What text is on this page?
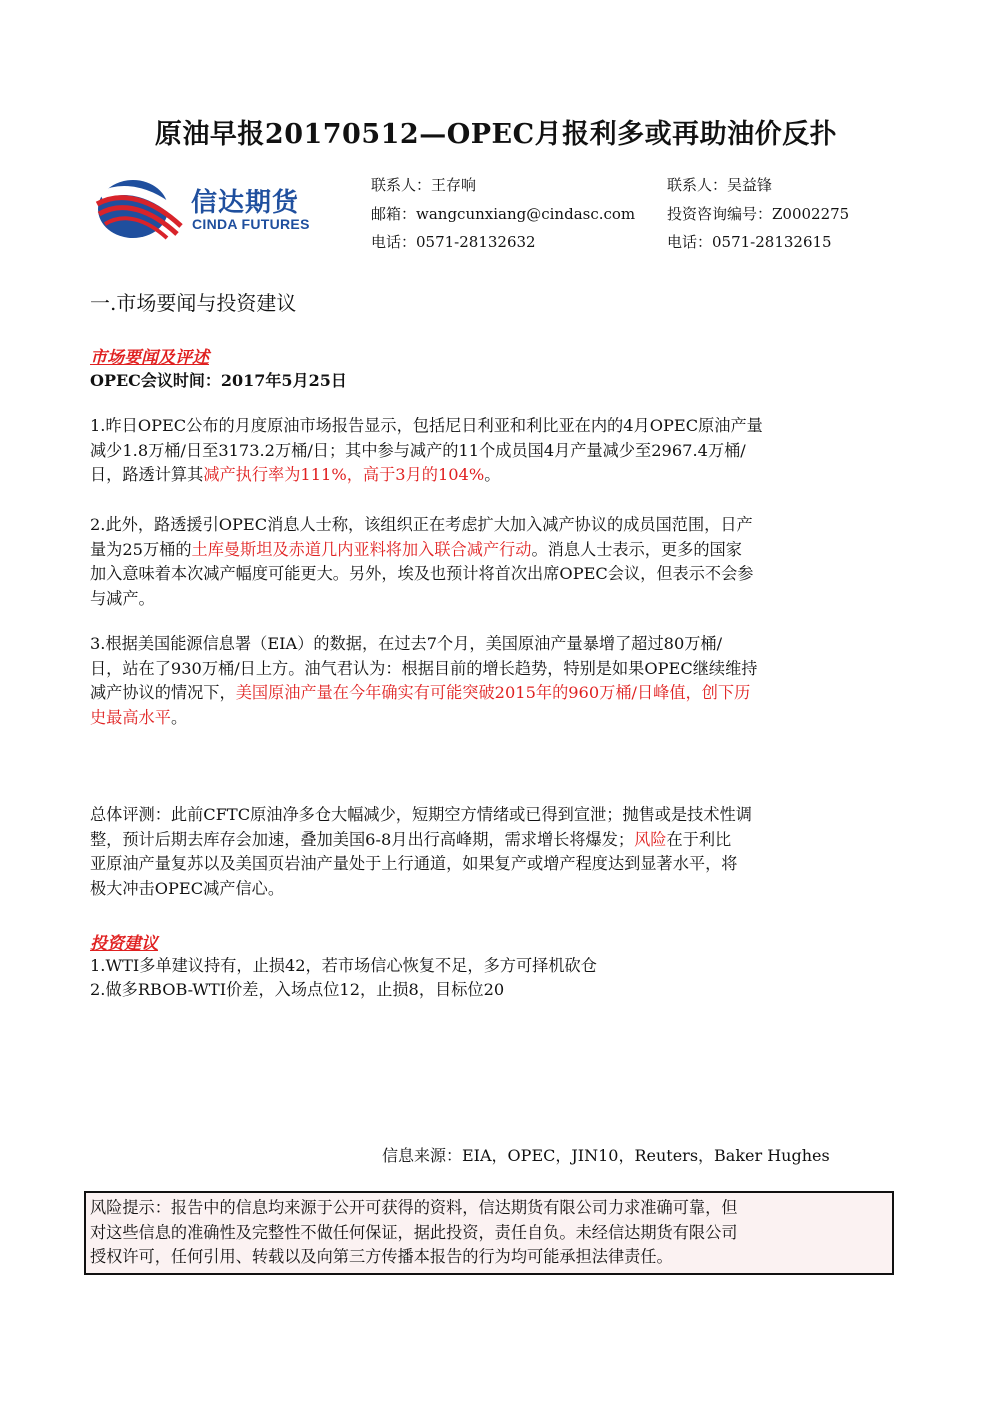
原油早报20170512—OPEC月报利多或再助油价反扑
信达期货
CINDA FUTURES
联系人：王存响
邮箱：wangcunxiang@cindasc.com
电话：0571-28132632
联系人：吴益锋
投资咨询编号：Z0002275
电话：0571-28132615
一.市场要闻与投资建议
市场要闻及评述
OPEC会议时间：2017年5月25日
1.昨日OPEC公布的月度原油市场报告显示，包括尼日利亚和利比亚在内的4月OPEC原油产量
减少1.8万桶/日至3173.2万桶/日；其中参与减产的11个成员国4月产量减少至2967.4万桶/
日，路透计算其减产执行率为111%，高于3月的104%。
2.此外，路透援引OPEC消息人士称，该组织正在考虑扩大加入减产协议的成员国范围，日产
量为25万桶的土库曼斯坦及赤道几内亚料将加入联合减产行动。消息人士表示，更多的国家
加入意味着本次减产幅度可能更大。另外，埃及也预计将首次出席OPEC会议，但表示不会参
与减产。
3.根据美国能源信息署（EIA）的数据，在过去7个月，美国原油产量暴增了超过80万桶/
日，站在了930万桶/日上方。油气君认为：根据目前的增长趋势，特别是如果OPEC继续维持
减产协议的情况下，美国原油产量在今年确实有可能突破2015年的960万桶/日峰值，创下历
史最高水平。
总体评测：此前CFTC原油净多仓大幅减少，短期空方情绪或已得到宣泄；抛售或是技术性调
整，预计后期去库存会加速，叠加美国6-8月出行高峰期，需求增长将爆发；风险在于利比
亚原油产量复苏以及美国页岩油产量处于上行通道，如果复产或增产程度达到显著水平，将
极大冲击OPEC减产信心。
投资建议
1.WTI多单建议持有，止损42，若市场信心恢复不足，多方可择机砍仓
2.做多RBOB-WTI价差，入场点位12，止损8，目标位20
信息来源：EIA，OPEC，JIN10，Reuters，Baker Hughes
风险提示：报告中的信息均来源于公开可获得的资料，信达期货有限公司力求准确可靠，但
对这些信息的准确性及完整性不做任何保证，据此投资，责任自负。未经信达期货有限公司
授权许可，任何引用、转载以及向第三方传播本报告的行为均可能承担法律责任。
